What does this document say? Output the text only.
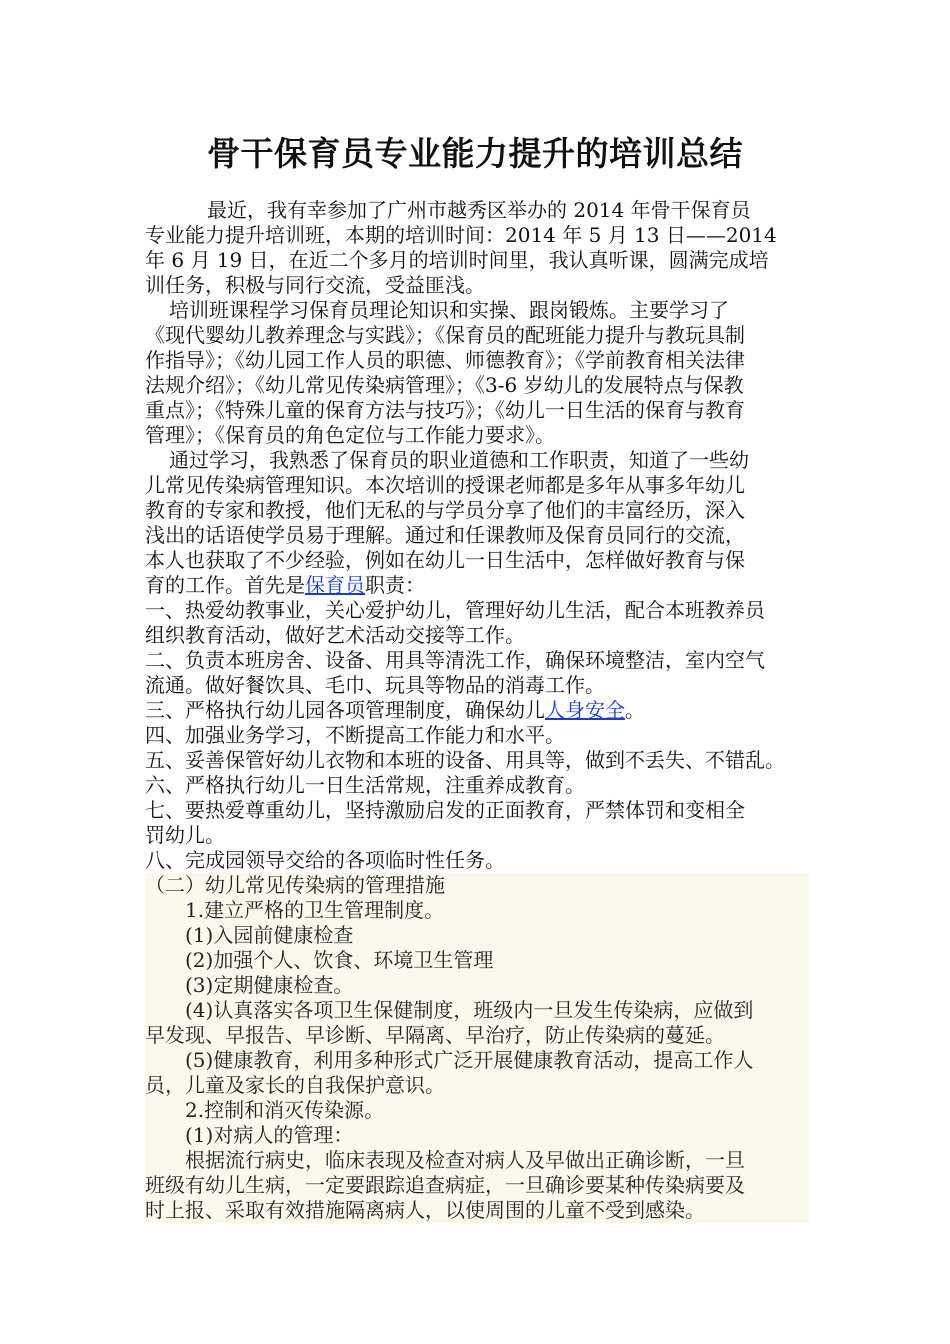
骨干保育员专业能力提升的培训总结
最近，我有幸参加了广州市越秀区举办的 2014 年骨干保育员
专业能力提升培训班，本期的培训时间：2014 年 5 月 13 日——2014
年 6 月 19 日，在近二个多月的培训时间里，我认真听课，圆满完成培
训任务，积极与同行交流，受益匪浅。
培训班课程学习保育员理论知识和实操、跟岗锻炼。主要学习了
《现代婴幼儿教养理念与实践》；《保育员的配班能力提升与教玩具制
作指导》；《幼儿园工作人员的职德、师德教育》；《学前教育相关法律
法规介绍》；《幼儿常见传染病管理》；《3-6 岁幼儿的发展特点与保教
重点》；《特殊儿童的保育方法与技巧》；《幼儿一日生活的保育与教育
管理》；《保育员的角色定位与工作能力要求》。
通过学习，我熟悉了保育员的职业道德和工作职责，知道了一些幼
儿常见传染病管理知识。本次培训的授课老师都是多年从事多年幼儿
教育的专家和教授，他们无私的与学员分享了他们的丰富经历，深入
浅出的话语使学员易于理解。通过和任课教师及保育员同行的交流，
本人也获取了不少经验，例如在幼儿一日生活中，怎样做好教育与保
育的工作。首先是保育员职责：
一、热爱幼教事业，关心爱护幼儿，管理好幼儿生活，配合本班教养员
组织教育活动，做好艺术活动交接等工作。
二、负责本班房舍、设备、用具等清洗工作，确保环境整洁，室内空气
流通。做好餐饮具、毛巾、玩具等物品的消毒工作。
三、严格执行幼儿园各项管理制度，确保幼儿人身安全。
四、加强业务学习，不断提高工作能力和水平。
五、妥善保管好幼儿衣物和本班的设备、用具等，做到不丢失、不错乱。
六、严格执行幼儿一日生活常规，注重养成教育。
七、要热爱尊重幼儿，坚持激励启发的正面教育，严禁体罚和变相全
罚幼儿。
八、完成园领导交给的各项临时性任务。
（二）幼儿常见传染病的管理措施
1.建立严格的卫生管理制度。
(1)入园前健康检查
(2)加强个人、饮食、环境卫生管理
(3)定期健康检查。
(4)认真落实各项卫生保健制度，班级内一旦发生传染病，应做到
早发现、早报告、早诊断、早隔离、早治疗，防止传染病的蔓延。
(5)健康教育，利用多种形式广泛开展健康教育活动，提高工作人
员，儿童及家长的自我保护意识。
2.控制和消灭传染源。
(1)对病人的管理：
根据流行病史，临床表现及检查对病人及早做出正确诊断，一旦
班级有幼儿生病，一定要跟踪追查病症，一旦确诊要某种传染病要及
时上报、采取有效措施隔离病人，以使周围的儿童不受到感染。
